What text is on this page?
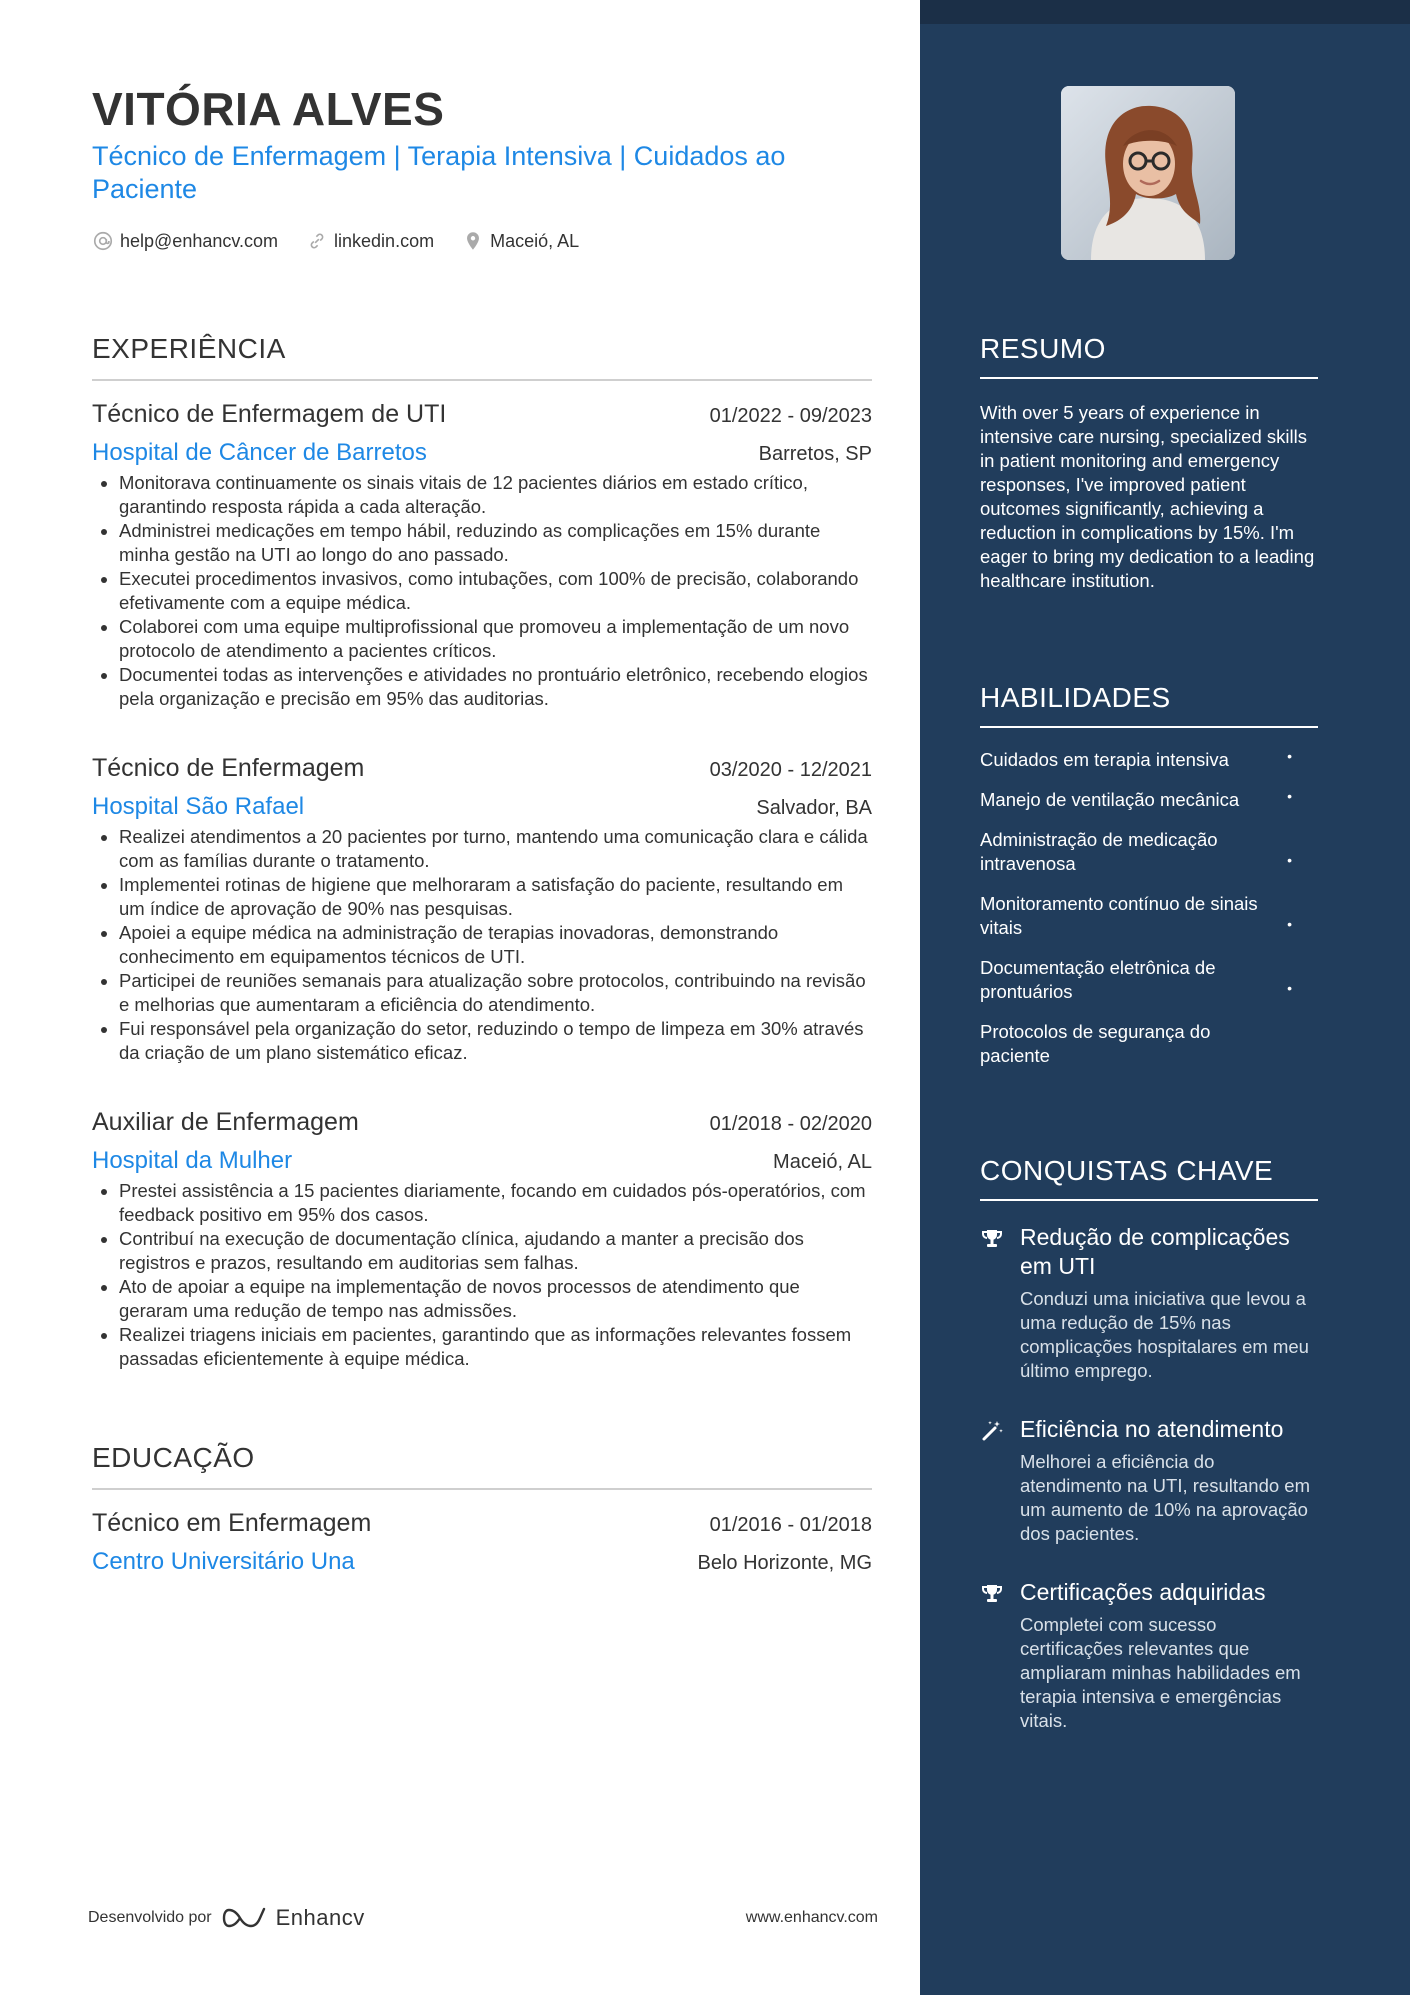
VITÓRIA ALVES
Técnico de Enfermagem | Terapia Intensiva | Cuidados ao Paciente
help@enhancv.com	linkedin.com	Maceió, AL
EXPERIÊNCIA
Técnico de Enfermagem de UTI	01/2022 - 09/2023
Hospital de Câncer de Barretos	Barretos, SP
• Monitorava continuamente os sinais vitais de 12 pacientes diários em estado crítico, garantindo resposta rápida a cada alteração.
• Administrei medicações em tempo hábil, reduzindo as complicações em 15% durante minha gestão na UTI ao longo do ano passado.
• Executei procedimentos invasivos, como intubações, com 100% de precisão, colaborando efetivamente com a equipe médica.
• Colaborei com uma equipe multiprofissional que promoveu a implementação de um novo protocolo de atendimento a pacientes críticos.
• Documentei todas as intervenções e atividades no prontuário eletrônico, recebendo elogios pela organização e precisão em 95% das auditorias.
Técnico de Enfermagem	03/2020 - 12/2021
Hospital São Rafael	Salvador, BA
• Realizei atendimentos a 20 pacientes por turno, mantendo uma comunicação clara e cálida com as famílias durante o tratamento.
• Implementei rotinas de higiene que melhoraram a satisfação do paciente, resultando em um índice de aprovação de 90% nas pesquisas.
• Apoiei a equipe médica na administração de terapias inovadoras, demonstrando conhecimento em equipamentos técnicos de UTI.
• Participei de reuniões semanais para atualização sobre protocolos, contribuindo na revisão e melhorias que aumentaram a eficiência do atendimento.
• Fui responsável pela organização do setor, reduzindo o tempo de limpeza em 30% através da criação de um plano sistemático eficaz.
Auxiliar de Enfermagem	01/2018 - 02/2020
Hospital da Mulher	Maceió, AL
• Prestei assistência a 15 pacientes diariamente, focando em cuidados pós-operatórios, com feedback positivo em 95% dos casos.
• Contribuí na execução de documentação clínica, ajudando a manter a precisão dos registros e prazos, resultando em auditorias sem falhas.
• Ato de apoiar a equipe na implementação de novos processos de atendimento que geraram uma redução de tempo nas admissões.
• Realizei triagens iniciais em pacientes, garantindo que as informações relevantes fossem passadas eficientemente à equipe médica.
EDUCAÇÃO
Técnico em Enfermagem	01/2016 - 01/2018
Centro Universitário Una	Belo Horizonte, MG
Desenvolvido por	Enhancv	www.enhancv.com
RESUMO
With over 5 years of experience in intensive care nursing, specialized skills in patient monitoring and emergency responses, I've improved patient outcomes significantly, achieving a reduction in complications by 15%. I'm eager to bring my dedication to a leading healthcare institution.
HABILIDADES
Cuidados em terapia intensiva	•
Manejo de ventilação mecânica	•
Administração de medicação intravenosa	•
Monitoramento contínuo de sinais vitais	•
Documentação eletrônica de prontuários	•
Protocolos de segurança do paciente
CONQUISTAS CHAVE
Redução de complicações em UTI
Conduzi uma iniciativa que levou a uma redução de 15% nas complicações hospitalares em meu último emprego.
Eficiência no atendimento
Melhorei a eficiência do atendimento na UTI, resultando em um aumento de 10% na aprovação dos pacientes.
Certificações adquiridas
Completei com sucesso certificações relevantes que ampliaram minhas habilidades em terapia intensiva e emergências vitais.
